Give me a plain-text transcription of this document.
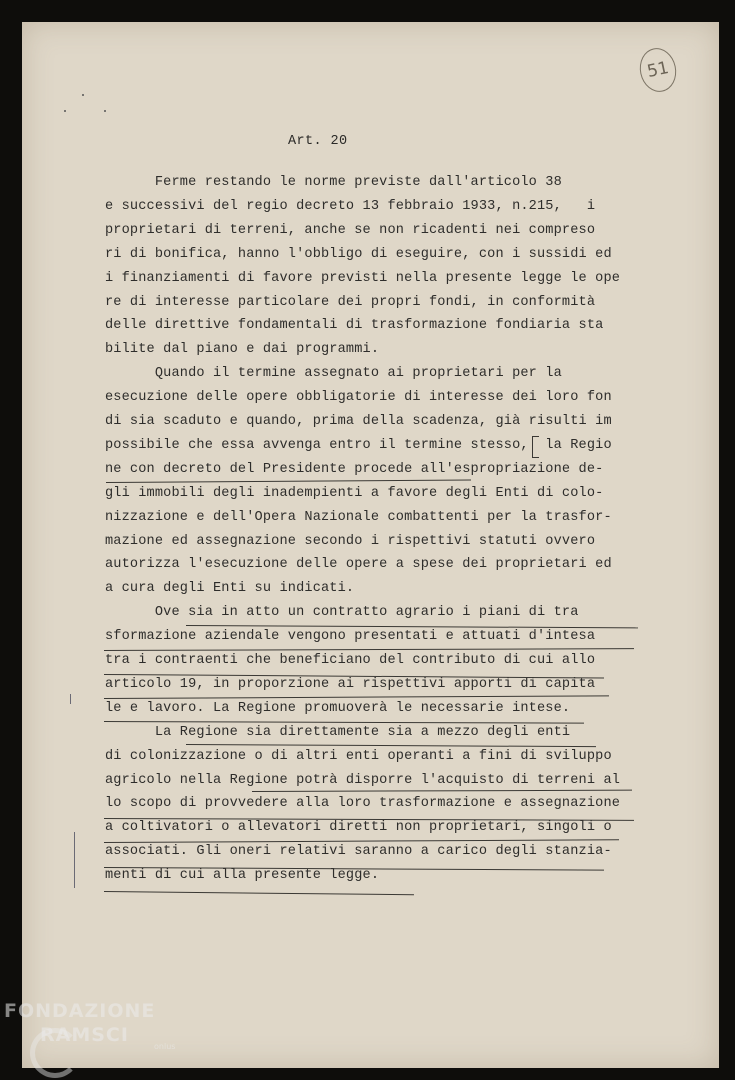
51
Art. 20
Ferme restando le norme previste dall'articolo 38
e successivi del regio decreto 13 febbraio 1933, n.215,   i
proprietari di terreni, anche se non ricadenti nei compreso
ri di bonifica, hanno l'obbligo di eseguire, con i sussidi ed
i finanziamenti di favore previsti nella presente legge le ope
re di interesse particolare dei propri fondi, in conformità
delle direttive fondamentali di trasformazione fondiaria sta
bilite dal piano e dai programmi.
Quando il termine assegnato ai proprietari per la
esecuzione delle opere obbligatorie di interesse dei loro fon
di sia scaduto e quando, prima della scadenza, già risulti im
possibile che essa avvenga entro il termine stesso,  la Regio
ne con decreto del Presidente procede all'espropriazione de-
gli immobili degli inadempienti a favore degli Enti di colo-
nizzazione e dell'Opera Nazionale combattenti per la trasfor-
mazione ed assegnazione secondo i rispettivi statuti ovvero
autorizza l'esecuzione delle opere a spese dei proprietari ed
a cura degli Enti su indicati.
Ove sia in atto un contratto agrario i piani di tra
sformazione aziendale vengono presentati e attuati d'intesa
tra i contraenti che beneficiano del contributo di cui allo
articolo 19, in proporzione ai rispettivi apporti di capita
le e lavoro. La Regione promuoverà le necessarie intese.
La Regione sia direttamente sia a mezzo degli enti
di colonizzazione o di altri enti operanti a fini di sviluppo
agricolo nella Regione potrà disporre l'acquisto di terreni al
lo scopo di provvedere alla loro trasformazione e assegnazione
a coltivatori o allevatori diretti non proprietari, singoli o
associati. Gli oneri relativi saranno a carico degli stanzia-
menti di cui alla presente legge.
FONDAZIONE
RAMSCI
onlus
